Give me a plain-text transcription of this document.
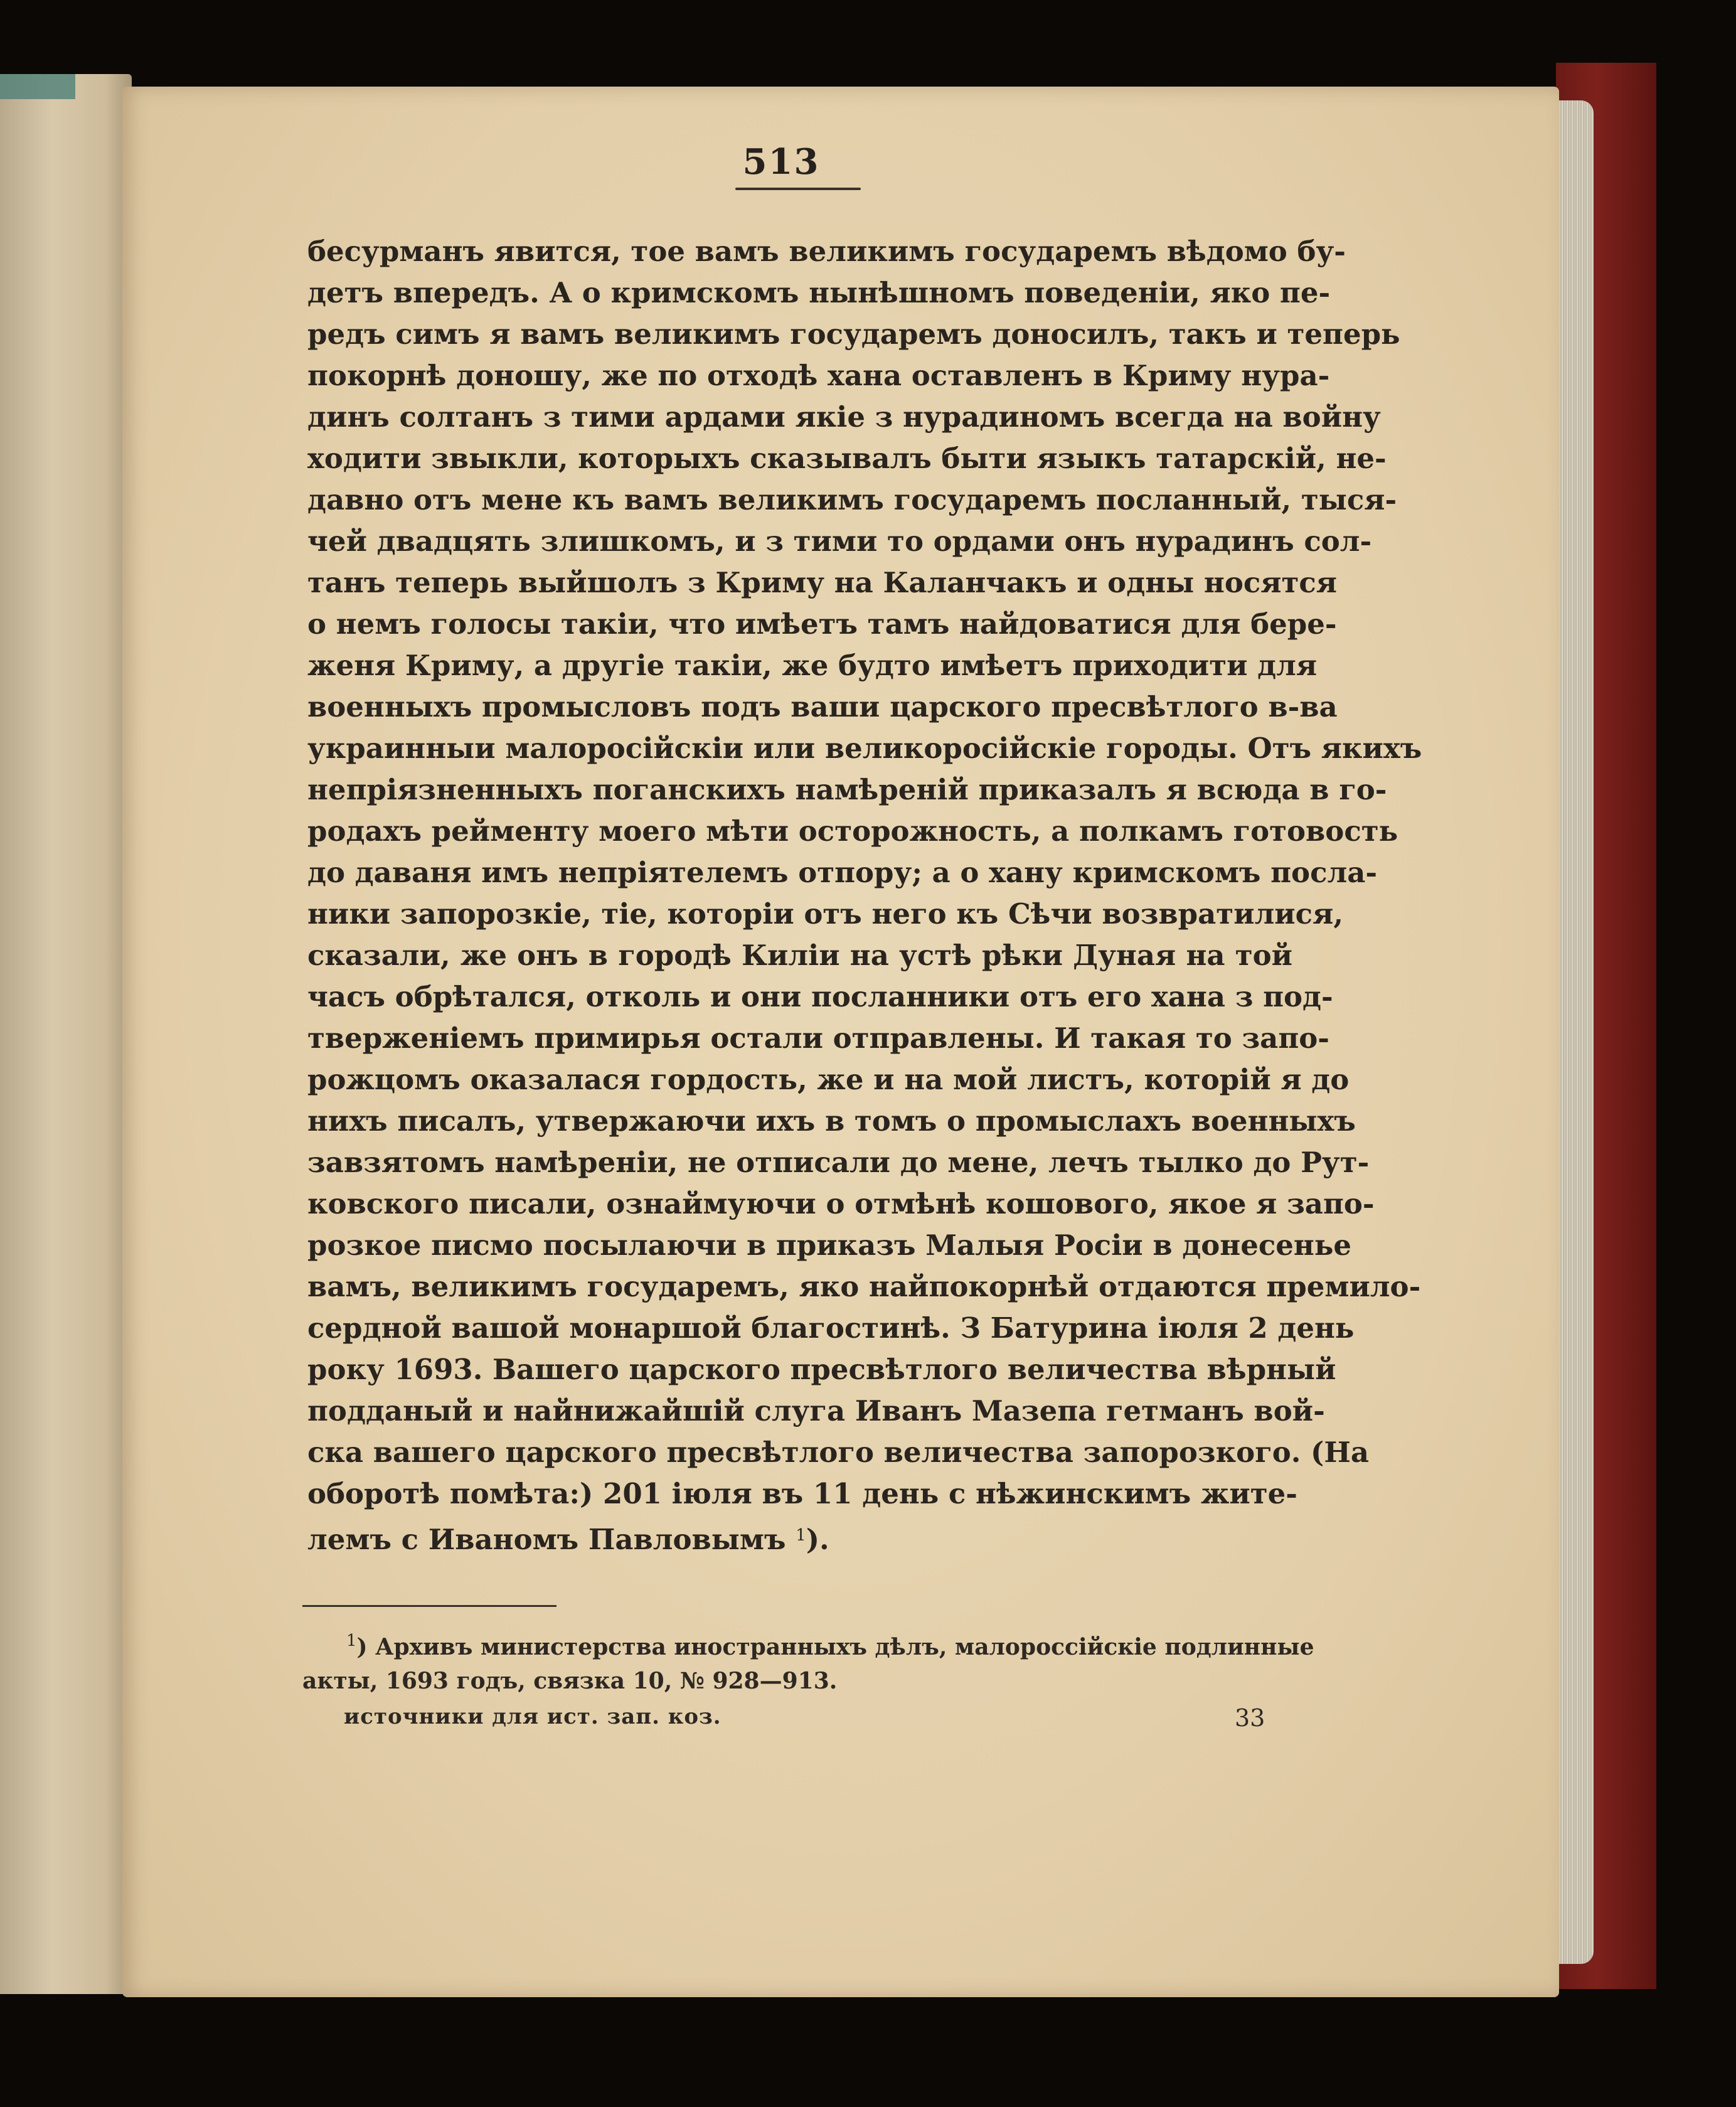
513
бесурманъ явится, тое вамъ великимъ государемъ вѣдомо бу-
детъ впередъ. А о кримскомъ нынѣшномъ поведеніи, яко пе-
редъ симъ я вамъ великимъ государемъ доносилъ, такъ и теперь
покорнѣ доношу, же по отходѣ хана оставленъ в Криму нура-
динъ солтанъ з тими ардами якіе з нурадиномъ всегда на войну
ходити звыкли, которыхъ сказывалъ быти языкъ татарскій, не-
давно отъ мене къ вамъ великимъ государемъ посланный, тыся-
чей двадцять злишкомъ, и з тими то ордами онъ нурадинъ сол-
танъ теперь выйшолъ з Криму на Каланчакъ и одны носятся
о немъ голосы такіи, что имѣетъ тамъ найдоватися для бере-
женя Криму, а другіе такіи, же будто имѣетъ приходити для
военныхъ промысловъ подъ ваши царского пресвѣтлого в-ва
украинныи малоросійскіи или великоросійскіе городы. Отъ якихъ
непріязненныхъ поганскихъ намѣреній приказалъ я всюда в го-
родахъ рейменту моего мѣти осторожность, а полкамъ готовость
до даваня имъ непріятелемъ отпору; а о хану кримскомъ посла-
ники запорозкіе, тіе, которіи отъ него къ Сѣчи возвратилися,
сказали, же онъ в городѣ Киліи на устѣ рѣки Дуная на той
часъ обрѣтался, отколь и они посланники отъ его хана з под-
тверженіемъ примирья остали отправлены. И такая то запо-
рожцомъ оказалася гордость, же и на мой листъ, которій я до
нихъ писалъ, утвержаючи ихъ в томъ о промыслахъ военныхъ
завзятомъ намѣреніи, не отписали до мене, лечъ тылко до Рут-
ковского писали, ознаймуючи о отмѣнѣ кошового, якое я запо-
розкое писмо посылаючи в приказъ Малыя Росіи в донесенье
вамъ, великимъ государемъ, яко найпокорнѣй отдаются премило-
сердной вашой монаршой благостинѣ. З Батурина іюля 2 день
року 1693. Вашего царского пресвѣтлого величества вѣрный
подданый и найнижайшій слуга Иванъ Мазепа гетманъ вой-
ска вашего царского пресвѣтлого величества запорозкого. (На
оборотѣ помѣта:) 201 іюля въ 11 день с нѣжинскимъ жите-
лемъ с Иваномъ Павловымъ $^1$).
$^1$) Архивъ министерства иностранныхъ дѣлъ, малороссійскіе подлинные
акты, 1693 годъ, связка 10, № 928—913.
источники для ист. зап. коз.	33
